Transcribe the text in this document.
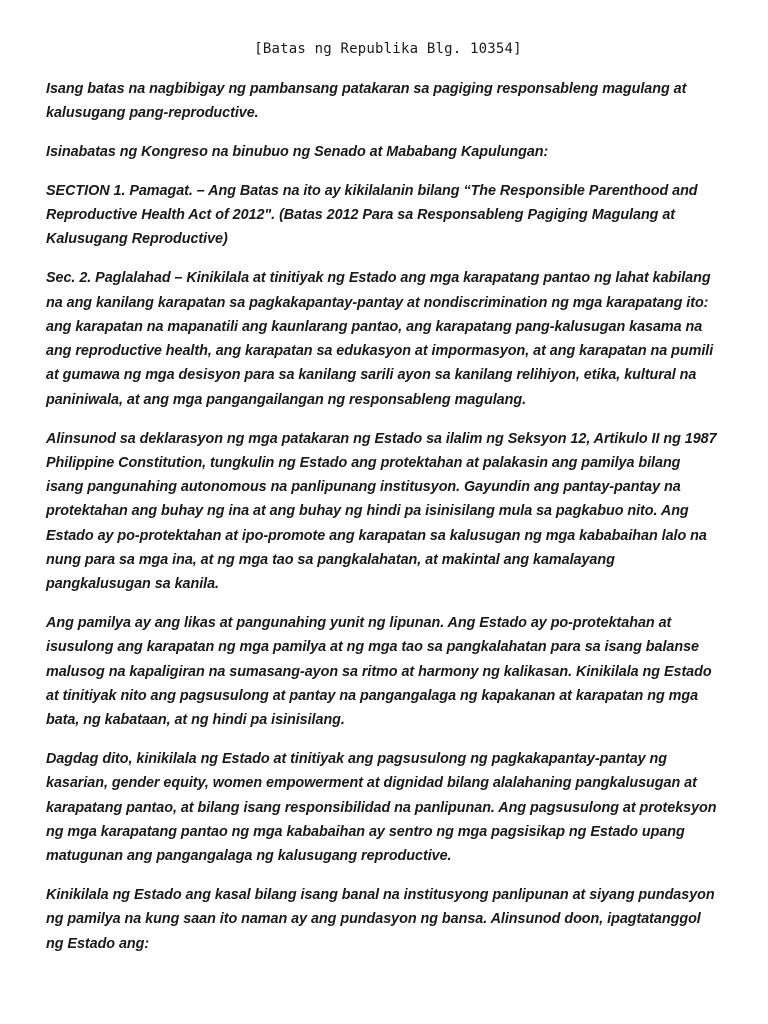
[Batas ng Republika Blg. 10354]

Isang batas na nagbibigay ng pambansang patakaran sa pagiging responsableng magulang at kalusugang pang-reproductive.

Isinabatas ng Kongreso na binubuo ng Senado at Mababang Kapulungan:

SECTION 1. Pamagat. – Ang Batas na ito ay kikilalanin bilang “The Responsible Parenthood and Reproductive Health Act of 2012". (Batas 2012 Para sa Responsableng Pagiging Magulang at Kalusugang Reproductive)

Sec. 2. Paglalahad – Kinikilala at tinitiyak ng Estado ang mga karapatang pantao ng lahat kabilang na ang kanilang karapatan sa pagkakapantay-pantay at nondiscrimination ng mga karapatang ito: ang karapatan na mapanatili ang kaunlarang pantao, ang karapatang pang-kalusugan kasama na ang reproductive health, ang karapatan sa edukasyon at impormasyon, at ang karapatan na pumili at gumawa ng mga desisyon para sa kanilang sarili ayon sa kanilang relihiyon, etika, kultural na paniniwala, at ang mga pangangailangan ng responsableng magulang.

Alinsunod sa deklarasyon ng mga patakaran ng Estado sa ilalim ng Seksyon 12, Artikulo II ng 1987 Philippine Constitution, tungkulin ng Estado ang protektahan at palakasin ang pamilya bilang isang pangunahing autonomous na panlipunang institusyon. Gayundin ang pantay-pantay na protektahan ang buhay ng ina at ang buhay ng hindi pa isinisilang mula sa pagkabuo nito. Ang Estado ay po-protektahan at ipo-promote ang karapatan sa kalusugan ng mga kababaihan lalo na nung para sa mga ina, at ng mga tao sa pangkalahatan, at makintal ang kamalayang pangkalusugan sa kanila.

Ang pamilya ay ang likas at pangunahing yunit ng lipunan. Ang Estado ay po-protektahan at isusulong ang karapatan ng mga pamilya at ng mga tao sa pangkalahatan para sa isang balanse malusog na kapaligiran na sumasang-ayon sa ritmo at harmony ng kalikasan. Kinikilala ng Estado at tinitiyak nito ang pagsusulong at pantay na pangangalaga ng kapakanan at karapatan ng mga bata, ng kabataan, at ng hindi pa isinisilang.

Dagdag dito, kinikilala ng Estado at tinitiyak ang pagsusulong ng pagkakapantay-pantay ng kasarian, gender equity, women empowerment at dignidad bilang alalahaning pangkalusugan at karapatang pantao, at bilang isang responsibilidad na panlipunan. Ang pagsusulong at proteksyon ng mga karapatang pantao ng mga kababaihan ay sentro ng mga pagsisikap ng Estado upang matugunan ang pangangalaga ng kalusugang reproductive.

Kinikilala ng Estado ang kasal bilang isang banal na institusyong panlipunan at siyang pundasyon ng pamilya na kung saan ito naman ay ang pundasyon ng bansa. Alinsunod doon, ipagtatanggol ng Estado ang:
